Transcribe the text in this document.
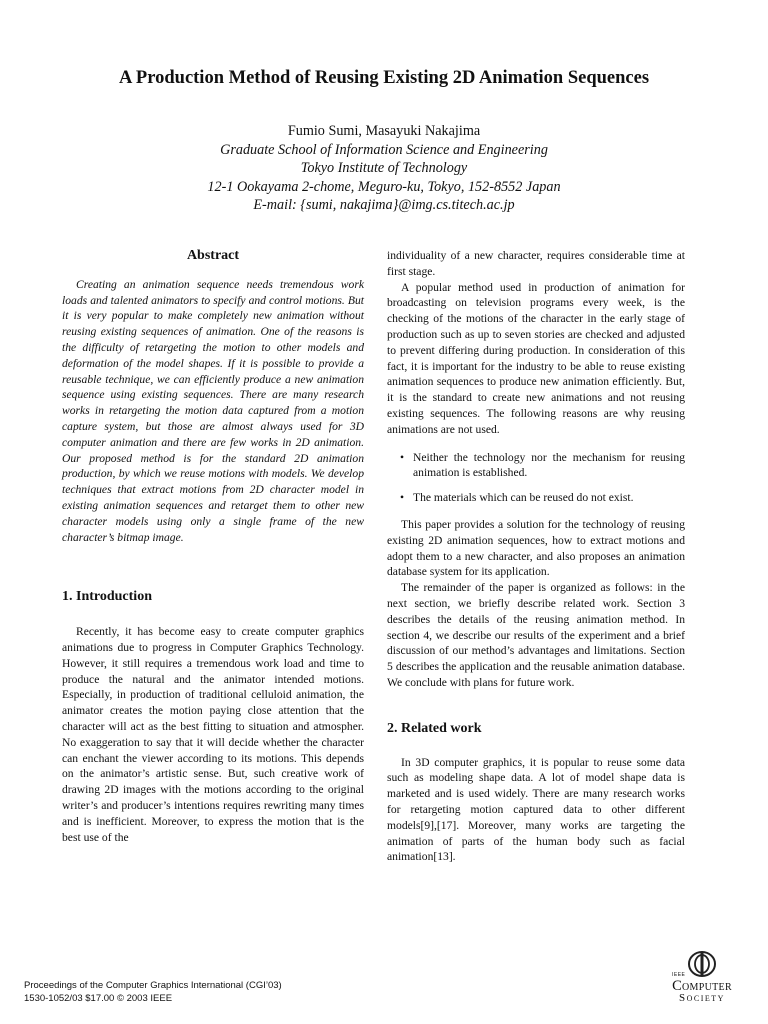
A Production Method of Reusing Existing 2D Animation Sequences
Fumio Sumi, Masayuki Nakajima
Graduate School of Information Science and Engineering
Tokyo Institute of Technology
12-1 Ookayama 2-chome, Meguro-ku, Tokyo, 152-8552 Japan
E-mail: {sumi, nakajima}@img.cs.titech.ac.jp
Abstract

Creating an animation sequence needs tremendous work loads and talented animators to specify and control motions. But it is very popular to make completely new animation without reusing existing sequences of animation. One of the reasons is the difficulty of retargeting the motion to other models and deformation of the model shapes. If it is possible to provide a reusable technique, we can efficiently produce a new animation sequence using existing sequences. There are many research works in retargeting the motion data captured from a motion capture system, but those are almost always used for 3D computer animation and there are few works in 2D animation. Our proposed method is for the standard 2D animation production, by which we reuse motions with models. We develop techniques that extract motions from 2D character model in existing animation sequences and retarget them to other new character models using only a single frame of the new character’s bitmap image.

1. Introduction

Recently, it has become easy to create computer graphics animations due to progress in Computer Graphics Technology. However, it still requires a tremendous work load and time to produce the natural and the animator intended motions. Especially, in production of traditional celluloid animation, the animator creates the motion paying close attention that the character will act as the best fitting to situation and atmospher. No exaggeration to say that it will decide whether the character can enchant the viewer according to its motions. This depends on the animator’s artistic sense. But, such creative work of drawing 2D images with the motions according to the original writer’s and producer’s intentions requires rewriting many times and is inefficient. Moreover, to express the motion that is the best use of the

individuality of a new character, requires considerable time at first stage.

A popular method used in production of animation for broadcasting on television programs every week, is the checking of the motions of the character in the early stage of production such as up to seven stories are checked and adjusted to prevent differing during production. In consideration of this fact, it is important for the industry to be able to reuse existing animation sequences to produce new animation efficiently. But, it is the standard to create new animations and not reusing existing sequences. The following reasons are why reusing animations are not used.

• Neither the technology nor the mechanism for reusing animation is established.
• The materials which can be reused do not exist.

This paper provides a solution for the technology of reusing existing 2D animation sequences, how to extract motions and adopt them to a new character, and also proposes an animation database system for its application.

The remainder of the paper is organized as follows: in the next section, we briefly describe related work. Section 3 describes the details of the reusing animation method. In section 4, we describe our results of the experiment and a brief discussion of our method’s advantages and limitations. Section 5 describes the application and the reusable animation database. We conclude with plans for future work.

2. Related work

In 3D computer graphics, it is popular to reuse some data such as modeling shape data. A lot of model shape data is marketed and is used widely. There are many research works for retargeting motion captured data to other different models[9],[17]. Moreover, many works are targeting the animation of parts of the human body such as facial animation[13].

Proceedings of the Computer Graphics International (CGI’03)
1530-1052/03 $17.00 © 2003 IEEE
IEEE
Computer
Society
